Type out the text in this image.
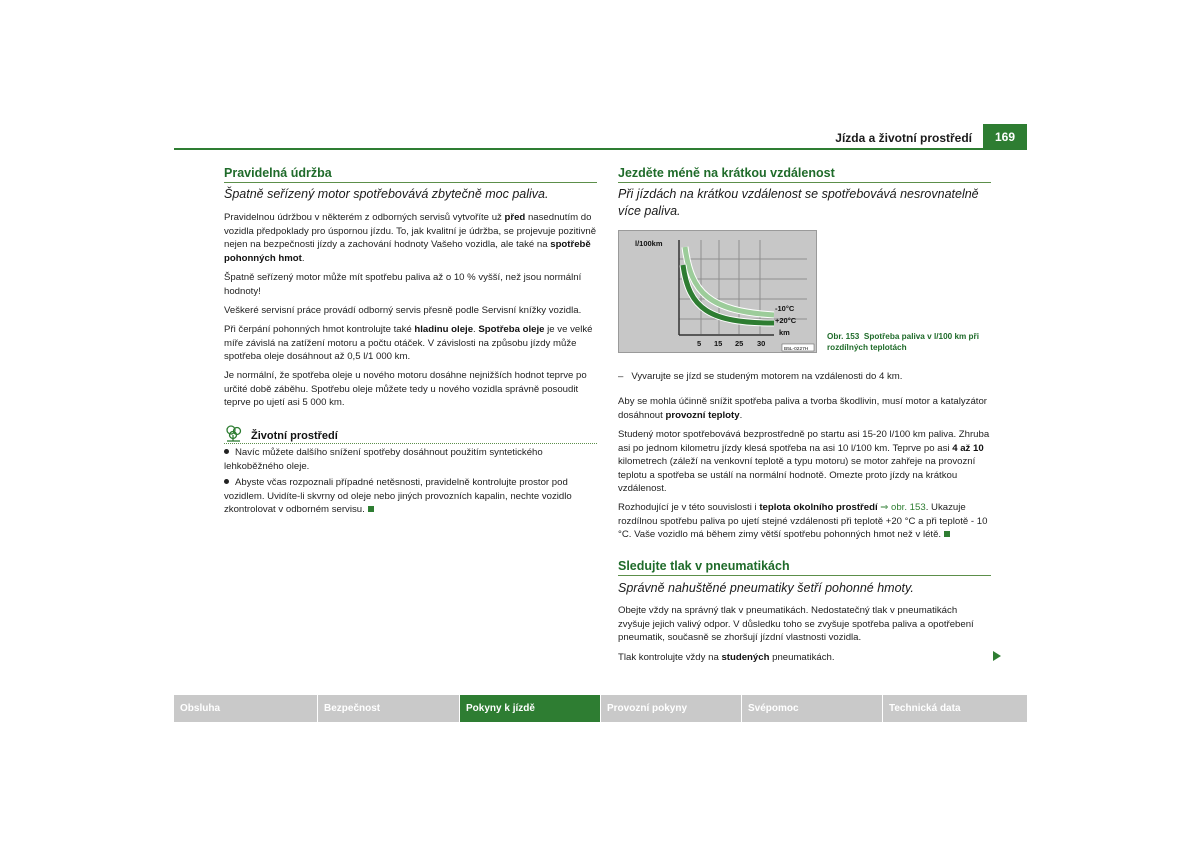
Jízda a životní prostředí	169
Pravidelná údržba
Špatně seřízený motor spotřebovává zbytečně moc paliva.
Pravidelnou údržbou v některém z odborných servisů vytvoříte už před nasednutím do vozidla předpoklady pro úspornou jízdu. To, jak kvalitní je údržba, se projevuje pozitivně nejen na bezpečnosti jízdy a zachování hodnoty Vašeho vozidla, ale také na spotřebě pohonných hmot.
Špatně seřízený motor může mít spotřebu paliva až o 10 % vyšší, než jsou normální hodnoty!
Veškeré servisní práce provádí odborný servis přesně podle Servisní knížky vozidla.
Při čerpání pohonných hmot kontrolujte také hladinu oleje. Spotřeba oleje je ve velké míře závislá na zatížení motoru a počtu otáček. V závislosti na způsobu jízdy může spotřeba oleje dosáhnout až 0,5 l/1 000 km.
Je normální, že spotřeba oleje u nového motoru dosáhne nejnižších hodnot teprve po určité době záběhu. Spotřebu oleje můžete tedy u nového vozidla správně posoudit teprve po ujetí asi 5 000 km.
Životní prostředí
Navíc můžete dalšího snížení spotřeby dosáhnout použitím syntetického lehkoběžného oleje.
Abyste včas rozpoznali případné netěsnosti, pravidelně kontrolujte prostor pod vozidlem. Uvidíte-li skvrny od oleje nebo jiných provozních kapalin, nechte vozidlo zkontrolovat v odborném servisu.
Jezděte méně na krátkou vzdálenost
Při jízdách na krátkou vzdálenost se spotřebovává nesrovnatelně více paliva.
l/100km
-10°C
+20°C
km
5 15 25 30
B5L-0227H
Obr. 153 Spotřeba paliva v l/100 km při rozdílných teplotách
– Vyvarujte se jízd se studeným motorem na vzdálenosti do 4 km.
Aby se mohla účinně snížit spotřeba paliva a tvorba škodlivin, musí motor a katalyzátor dosáhnout provozní teploty.
Studený motor spotřebovává bezprostředně po startu asi 15-20 l/100 km paliva. Zhruba asi po jednom kilometru jízdy klesá spotřeba na asi 10 l/100 km. Teprve po asi 4 až 10 kilometrech (záleží na venkovní teplotě a typu motoru) se motor zahřeje na provozní teplotu a spotřeba se ustálí na normální hodnotě. Omezte proto jízdy na krátkou vzdálenost.
Rozhodující je v této souvislosti i teplota okolního prostředí ⇒ obr. 153. Ukazuje rozdílnou spotřebu paliva po ujetí stejné vzdálenosti při teplotě +20 °C a při teplotě - 10 °C. Vaše vozidlo má během zimy větší spotřebu pohonných hmot než v létě.
Sledujte tlak v pneumatikách
Správně nahuštěné pneumatiky šetří pohonné hmoty.
Obejte vždy na správný tlak v pneumatikách. Nedostatečný tlak v pneumatikách zvyšuje jejich valivý odpor. V důsledku toho se zvyšuje spotřeba paliva a opotřebení pneumatik, současně se zhoršují jízdní vlastnosti vozidla.
Tlak kontrolujte vždy na studených pneumatikách.
Obsluha	Bezpečnost	Pokyny k jízdě	Provozní pokyny	Svépomoc	Technická data
